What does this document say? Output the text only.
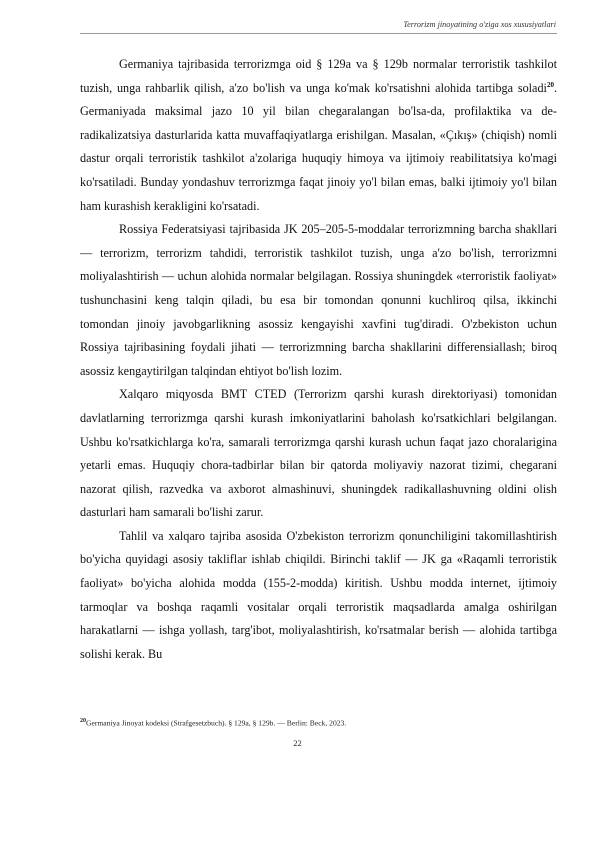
Terrorizm jinoyatining o'ziga xos xususiyatlari

Germaniya tajribasida terrorizmga oid § 129a va § 129b normalar terroristik tashkilot tuzish, unga rahbarlik qilish, a'zo bo'lish va unga ko'mak ko'rsatishni alohida tartibga soladi$^{20}$. Germaniyada maksimal jazo 10 yil bilan chegaralangan bo'lsa-da, profilaktika va de-radikalizatsiya dasturlarida katta muvaffaqiyatlarga erishilgan. Masalan, «Çıkış» (chiqish) nomli dastur orqali terroristik tashkilot a'zolariga huquqiy himoya va ijtimoiy reabilitatsiya ko'magi ko'rsatiladi. Bunday yondashuv terrorizmga faqat jinoiy yo'l bilan emas, balki ijtimoiy yo'l bilan ham kurashish kerakligini ko'rsatadi.

Rossiya Federatsiyasi tajribasida JK 205–205-5-moddalar terrorizmning barcha shakllari — terrorizm, terrorizm tahdidi, terroristik tashkilot tuzish, unga a'zo bo'lish, terrorizmni moliyalashtirish — uchun alohida normalar belgilagan. Rossiya shuningdek «terroristik faoliyat» tushunchasini keng talqin qiladi, bu esa bir tomondan qonunni kuchliroq qilsa, ikkinchi tomondan jinoiy javobgarlikning asossiz kengayishi xavfini tug'diradi. O'zbekiston uchun Rossiya tajribasining foydali jihati — terrorizmning barcha shakllarini differensiallash; biroq asossiz kengaytirilgan talqindan ehtiyot bo'lish lozim.

Xalqaro miqyosda BMT CTED (Terrorizm qarshi kurash direktoriyasi) tomonidan davlatlarning terrorizmga qarshi kurash imkoniyatlarini baholash ko'rsatkichlari belgilangan. Ushbu ko'rsatkichlarga ko'ra, samarali terrorizmga qarshi kurash uchun faqat jazo choralarigina yetarli emas. Huquqiy chora-tadbirlar bilan bir qatorda moliyaviy nazorat tizimi, chegarani nazorat qilish, razvedka va axborot almashinuvi, shuningdek radikallashuvning oldini olish dasturlari ham samarali bo'lishi zarur.

Tahlil va xalqaro tajriba asosida O'zbekiston terrorizm qonunchiligini takomillashtirish bo'yicha quyidagi asosiy takliflar ishlab chiqildi. Birinchi taklif — JK ga «Raqamli terroristik faoliyat» bo'yicha alohida modda (155-2-modda) kiritish. Ushbu modda internet, ijtimoiy tarmoqlar va boshqa raqamli vositalar orqali terroristik maqsadlarda amalga oshirilgan harakatlarni — ishga yollash, targ'ibot, moliyalashtirish, ko'rsatmalar berish — alohida tartibga solishi kerak. Bu

$^{20}$Germaniya Jinoyat kodeksi (Strafgesetzbuch). § 129a, § 129b. — Berlin: Beck, 2023.
22
